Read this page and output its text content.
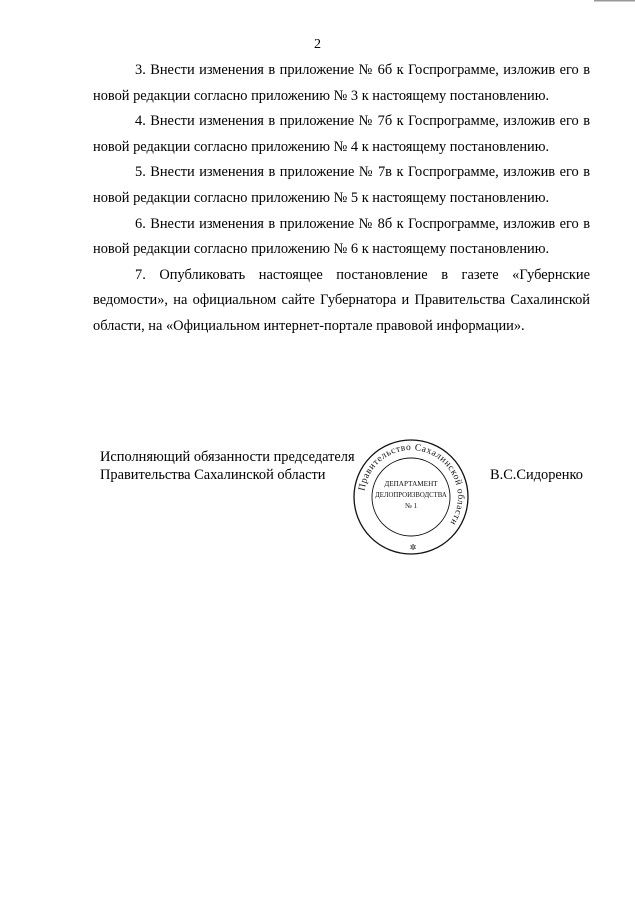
2

3. Внести изменения в приложение № 6б к Госпрограмме, изложив его в новой редакции согласно приложению № 3 к настоящему постановлению.

4. Внести изменения в приложение № 7б к Госпрограмме, изложив его в новой редакции согласно приложению № 4 к настоящему постановлению.

5. Внести изменения в приложение № 7в к Госпрограмме, изложив его в новой редакции согласно приложению № 5 к настоящему постановлению.

6. Внести изменения в приложение № 8б к Госпрограмме, изложив его в новой редакции согласно приложению № 6 к настоящему постановлению.

7. Опубликовать настоящее постановление в газете «Губернские ведомости», на официальном сайте Губернатора и Правительства Сахалинской области, на «Официальном интернет-портале правовой информации».

Исполняющий обязанности председателя
Правительства Сахалинской области
Правительство Сахалинской области
ДЕПАРТАМЕНТ
ДЕЛОПРОИЗВОДСТВА
№ 1
✲
В.С.Сидоренко
